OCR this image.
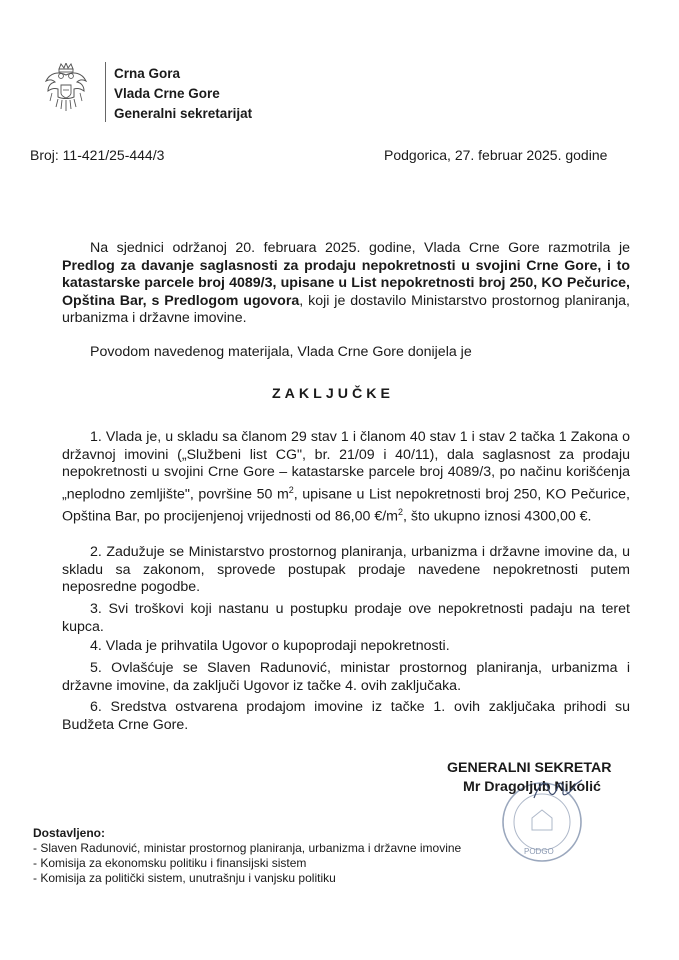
Crna Gora
Vlada Crne Gore
Generalni sekretarijat
Broj: 11-421/25-444/3	Podgorica, 27. februar 2025. godine
Na sjednici održanoj 20. februara 2025. godine, Vlada Crne Gore razmotrila je Predlog za davanje saglasnosti za prodaju nepokretnosti u svojini Crne Gore, i to katastarske parcele broj 4089/3, upisane u List nepokretnosti broj 250, KO Pečurice, Opština Bar, s Predlogom ugovora, koji je dostavilo Ministarstvo prostornog planiranja, urbanizma i državne imovine.
Povodom navedenog materijala, Vlada Crne Gore donijela je
ZAKLJUČKE
1. Vlada je, u skladu sa članom 29 stav 1 i članom 40 stav 1 i stav 2 tačka 1 Zakona o državnoj imovini („Službeni list CG", br. 21/09 i 40/11), dala saglasnost za prodaju nepokretnosti u svojini Crne Gore – katastarske parcele broj 4089/3, po načinu korišćenja „neplodno zemljište", površine 50 $m^2$, upisane u List nepokretnosti broj 250, KO Pečurice, Opština Bar, po procijenjenoj vrijednosti od 86,00 $€/m^2$, što ukupno iznosi 4300,00 €.
2. Zadužuje se Ministarstvo prostornog planiranja, urbanizma i državne imovine da, u skladu sa zakonom, sprovede postupak prodaje navedene nepokretnosti putem neposredne pogodbe.
3. Svi troškovi koji nastanu u postupku prodaje ove nepokretnosti padaju na teret kupca.
4. Vlada je prihvatila Ugovor o kupoprodaji nepokretnosti.
5. Ovlašćuje se Slaven Radunović, ministar prostornog planiranja, urbanizma i državne imovine, da zaključi Ugovor iz tačke 4. ovih zaključaka.
6. Sredstva ostvarena prodajom imovine iz tačke 1. ovih zaključaka prihodi su Budžeta Crne Gore.
PODGO
GENERALNI SEKRETAR
Mr Dragoljub Nikolić
Dostavljeno:
- Slaven Radunović, ministar prostornog planiranja, urbanizma i državne imovine
- Komisija za ekonomsku politiku i finansijski sistem
- Komisija za politički sistem, unutrašnju i vanjsku politiku
